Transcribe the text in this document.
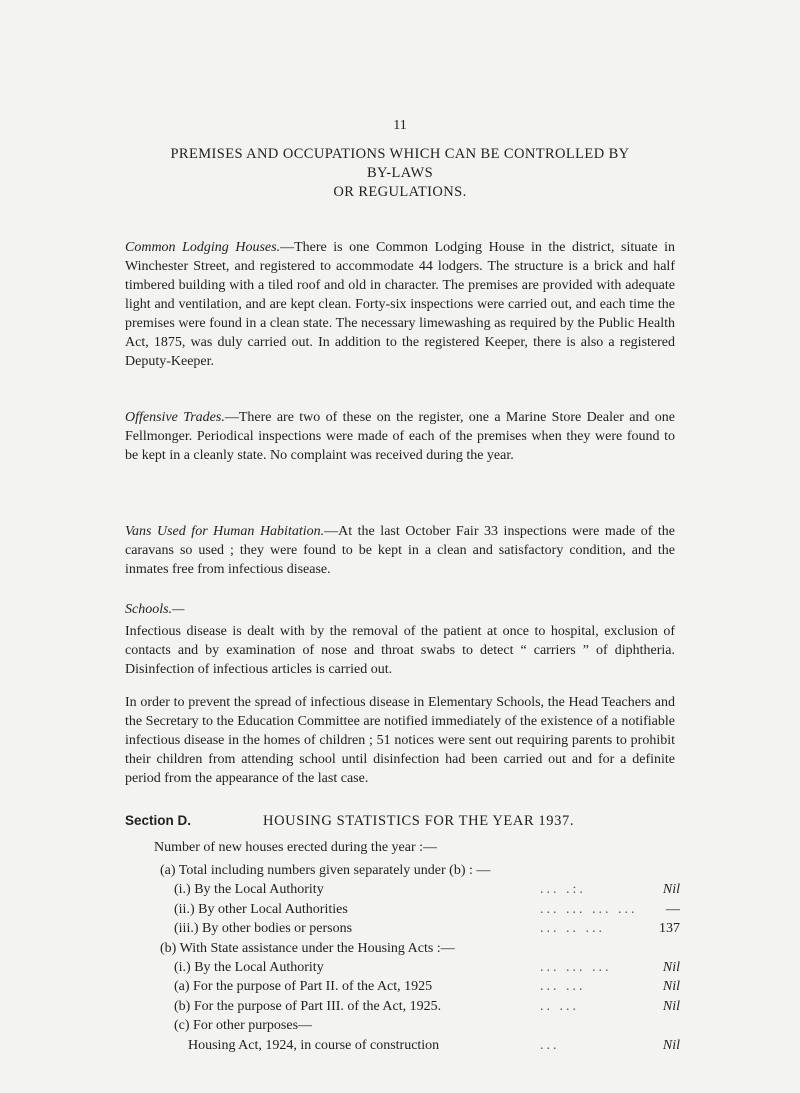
11
PREMISES AND OCCUPATIONS WHICH CAN BE CONTROLLED BY BY-LAWS
OR REGULATIONS.
Common Lodging Houses.—There is one Common Lodging House in the district, situate in Winchester Street, and registered to accommodate 44 lodgers. The structure is a brick and half timbered building with a tiled roof and old in character. The premises are provided with adequate light and ventilation, and are kept clean. Forty-six inspections were carried out, and each time the premises were found in a clean state. The necessary limewashing as required by the Public Health Act, 1875, was duly carried out. In addition to the registered Keeper, there is also a registered Deputy-Keeper.
Offensive Trades.—There are two of these on the register, one a Marine Store Dealer and one Fellmonger. Periodical inspections were made of each of the premises when they were found to be kept in a cleanly state. No complaint was received during the year.
Vans Used for Human Habitation.—At the last October Fair 33 inspections were made of the caravans so used ; they were found to be kept in a clean and satisfactory condition, and the inmates free from infectious disease.
Schools.—
Infectious disease is dealt with by the removal of the patient at once to hospital, exclusion of contacts and by examination of nose and throat swabs to detect “ carriers ” of diphtheria. Disinfection of infectious articles is carried out.
In order to prevent the spread of infectious disease in Elementary Schools, the Head Teachers and the Secretary to the Education Committee are notified immediately of the existence of a notifiable infectious disease in the homes of children ; 51 notices were sent out requiring parents to prohibit their children from attending school until disinfection had been carried out and for a definite period from the appearance of the last case.
Section D.	HOUSING STATISTICS FOR THE YEAR 1937.
Number of new houses erected during the year :—
(a) Total including numbers given separately under (b) : —
(i.) By the Local Authority	... .:.	Nil
(ii.) By other Local Authorities	... ... ... ... —
(iii.) By other bodies or persons	... .. ...	137
(b) With State assistance under the Housing Acts :—
(i.) By the Local Authority	... ... ...	Nil
(a) For the purpose of Part II. of the Act, 1925	... ...	Nil
(b) For the purpose of Part III. of the Act, 1925.	.. ...	Nil
(c) For other purposes—
Housing Act, 1924, in course of construction	...	Nil
